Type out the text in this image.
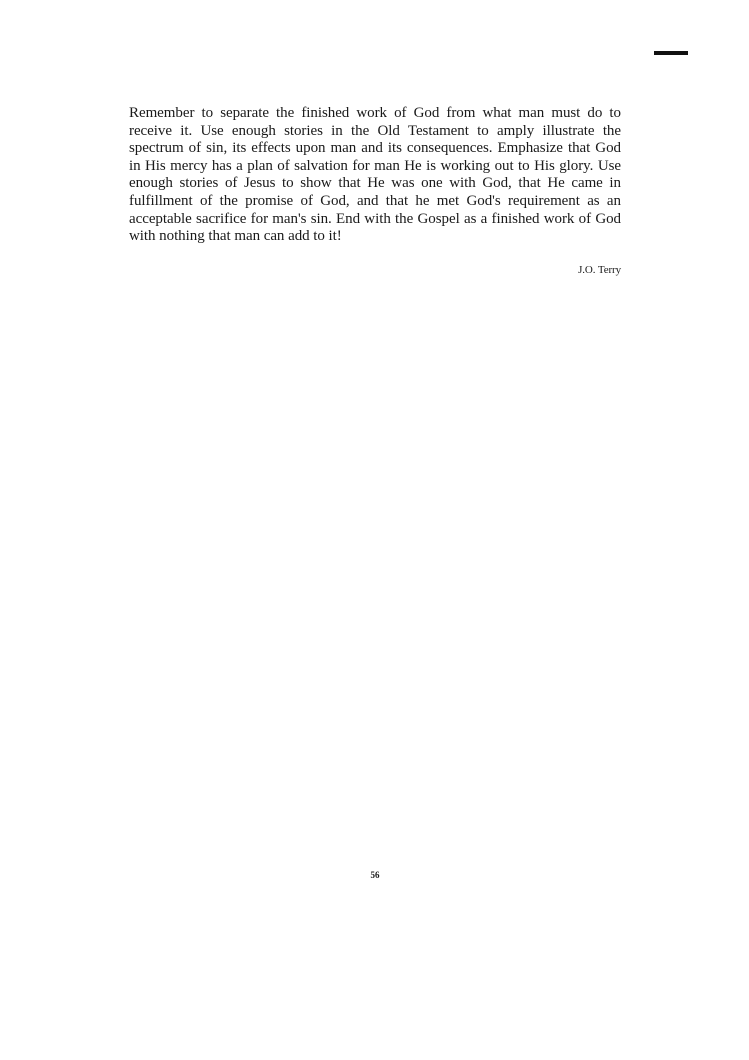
Remember to separate the finished work of God from what man must do to
receive it. Use enough stories in the Old Testament to amply illustrate the
spectrum of sin, its effects upon man and its consequences. Emphasize that God
in His mercy has a plan of salvation for man He is working out to His glory. Use
enough stories of Jesus to show that He was one with God, that He came in
fulfillment of the promise of God, and that he met God's requirement as an
acceptable sacrifice for man's sin. End with the Gospel as a finished work of God
with nothing that man can add to it!

J.O. Terry
56
